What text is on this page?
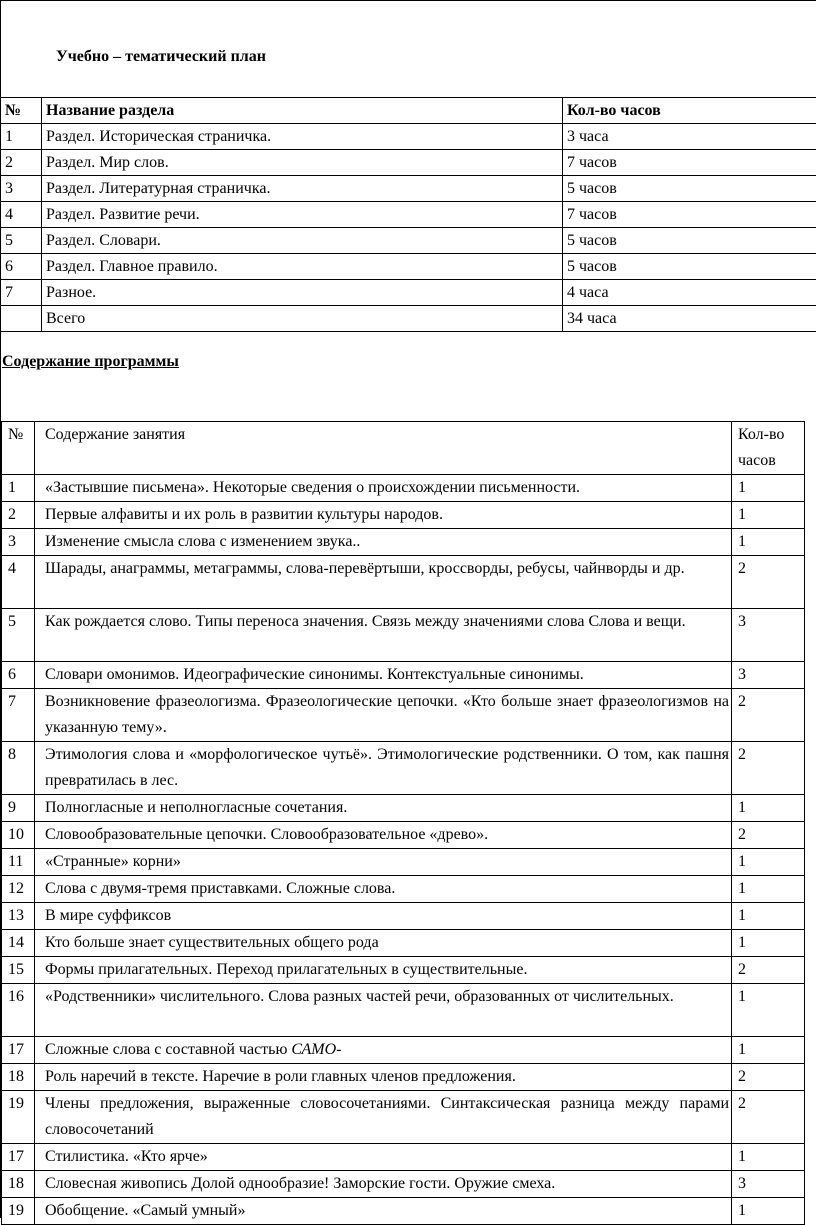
Учебно – тематический план
№	Название раздела	Кол-во часов
1	Раздел. Историческая страничка.	3 часа
2	Раздел. Мир слов.	7 часов
3	Раздел. Литературная страничка.	5 часов
4	Раздел. Развитие речи.	7 часов
5	Раздел. Словари.	5 часов
6	Раздел. Главное правило.	5 часов
7	Разное.	4 часа
	Всего	34 часа
Содержание программы
№	Содержание занятия	Кол-во часов
1	«Застывшие письмена». Некоторые сведения о происхождении письменности.	1
2	Первые алфавиты и их роль в развитии культуры народов.	1
3	Изменение смысла слова с изменением звука..	1
4	Шарады, анаграммы, метаграммы, слова-перевёртыши, кроссворды, ребусы, чайнворды и др.	2
5	Как рождается слово. Типы переноса значения. Связь между значениями слова Слова и вещи.	3
6	Словари омонимов. Идеографические синонимы. Контекстуальные синонимы.	3
7	Возникновение фразеологизма. Фразеологические цепочки. «Кто больше знает фразеологизмов на указанную тему».	2
8	Этимология слова и «морфологическое чутьё». Этимологические родственники. О том, как пашня превратилась в лес.	2
9	Полногласные и неполногласные сочетания.	1
10	Словообразовательные цепочки. Словообразовательное «древо».	2
11	«Странные» корни»	1
12	Слова с двумя-тремя приставками. Сложные слова.	1
13	В мире суффиксов	1
14	Кто больше знает существительных общего рода	1
15	Формы прилагательных. Переход прилагательных в существительные.	2
16	«Родственники» числительного. Слова разных частей речи, образованных от числительных.	1
17	Сложные слова с составной частью САМО-	1
18	Роль наречий в тексте. Наречие в роли главных членов предложения.	2
19	Члены предложения, выраженные словосочетаниями. Синтаксическая разница между парами словосочетаний	2
17	Стилистика. «Кто ярче»	1
18	Словесная живопись Долой однообразие! Заморские гости. Оружие смеха.	3
19	Обобщение. «Самый умный»	1
